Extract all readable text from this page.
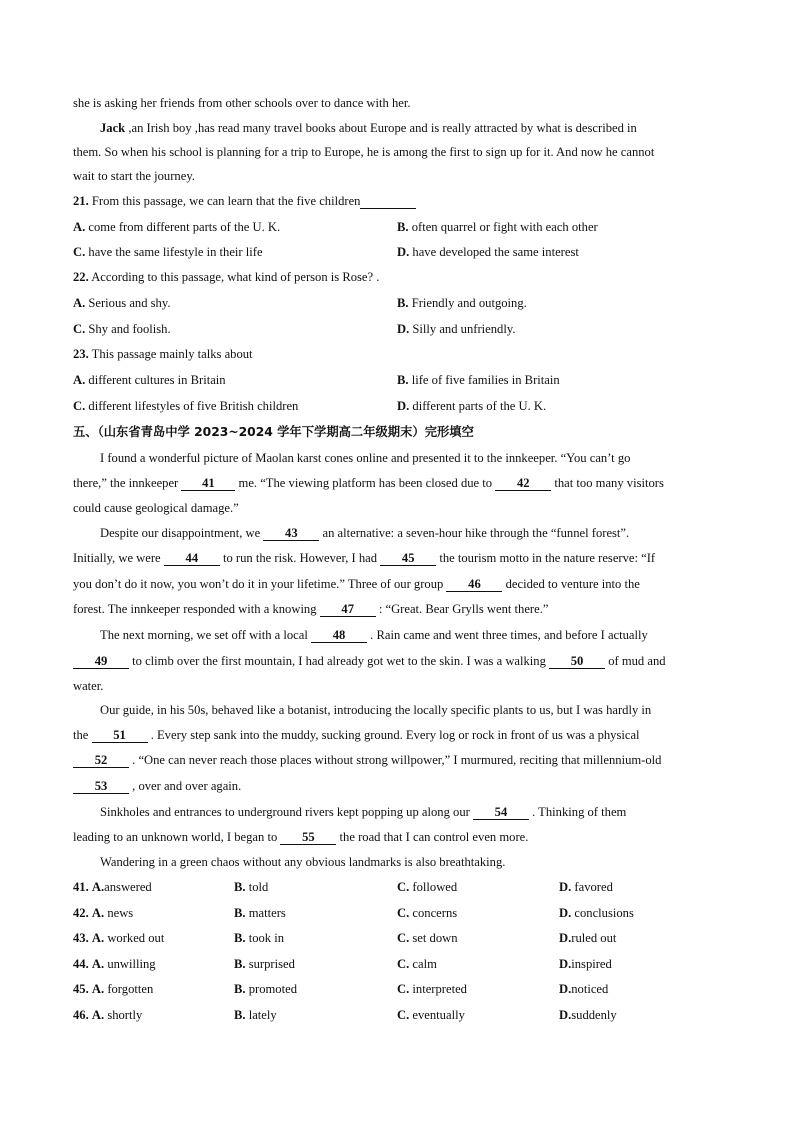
she is asking her friends from other schools over to dance with her.
Jack ,an Irish boy ,has read many travel books about Europe and is really attracted by what is described in
them. So when his school is planning for a trip to Europe, he is among the first to sign up for it. And now he cannot
wait to start the journey.
21. From this passage, we can learn that the five children
A. come from different parts of the U. K.	B. often quarrel or fight with each other
C. have the same lifestyle in their life	D. have developed the same interest
22. According to this passage, what kind of person is Rose? .
A. Serious and shy.	B. Friendly and outgoing.
C. Shy and foolish.	D. Silly and unfriendly.
23. This passage mainly talks about
A. different cultures in Britain	B. life of five families in Britain
C. different lifestyles of five British children	D. different parts of the U. K.
五、（山东省青岛中学 2023~2024 学年下学期高二年级期末）完形填空
I found a wonderful picture of Maolan karst cones online and presented it to the innkeeper. “You can’t go
there,” the innkeeper 41 me. “The viewing platform has been closed due to 42 that too many visitors
could cause geological damage.”
Despite our disappointment, we 43 an alternative: a seven-hour hike through the “funnel forest”.
Initially, we were 44 to run the risk. However, I had 45 the tourism motto in the nature reserve: “If
you don’t do it now, you won’t do it in your lifetime.” Three of our group 46 decided to venture into the
forest. The innkeeper responded with a knowing 47 : “Great. Bear Grylls went there.”
The next morning, we set off with a local 48 . Rain came and went three times, and before I actually
49 to climb over the first mountain, I had already got wet to the skin. I was a walking 50 of mud and
water.
Our guide, in his 50s, behaved like a botanist, introducing the locally specific plants to us, but I was hardly in
the 51 . Every step sank into the muddy, sucking ground. Every log or rock in front of us was a physical
52 . “One can never reach those places without strong willpower,” I murmured, reciting that millennium-old
53 , over and over again.
Sinkholes and entrances to underground rivers kept popping up along our 54 . Thinking of them
leading to an unknown world, I began to 55 the road that I can control even more.
Wandering in a green chaos without any obvious landmarks is also breathtaking.
41. A.answered	B. told	C. followed	D. favored
42. A. news	B. matters	C. concerns	D. conclusions
43. A. worked out	B. took in	C. set down	D.ruled out
44. A. unwilling	B. surprised	C. calm	D.inspired
45. A. forgotten	B. promoted	C. interpreted	D.noticed
46. A. shortly	B. lately	C. eventually	D.suddenly
